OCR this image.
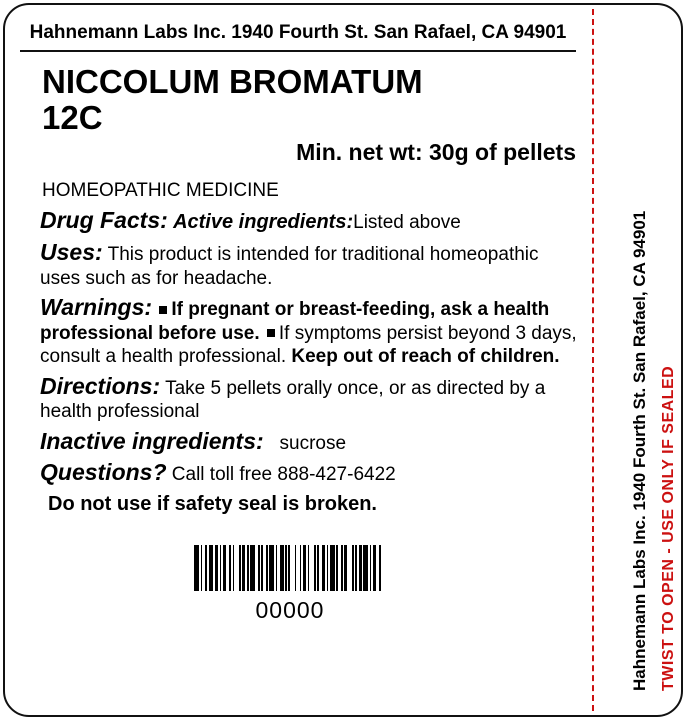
Hahnemann Labs Inc. 1940 Fourth St. San Rafael, CA 94901
NICCOLUM BROMATUM
12C
Min. net wt: 30g of pellets
HOMEOPATHIC MEDICINE
Drug Facts: Active ingredients:Listed above
Uses: This product is intended for traditional homeopathic uses such as for headache.
Warnings: If pregnant or breast-feeding, ask a health professional before use. If symptoms persist beyond 3 days, consult a health professional. Keep out of reach of children.
Directions: Take 5 pellets orally once, or as directed by a health professional
Inactive ingredients: sucrose
Questions? Call toll free 888-427-6422
Do not use if safety seal is broken.
00000	Hahnemann Labs Inc. 1940 Fourth St. San Rafael, CA 94901 TWIST TO OPEN - USE ONLY IF SEALED
